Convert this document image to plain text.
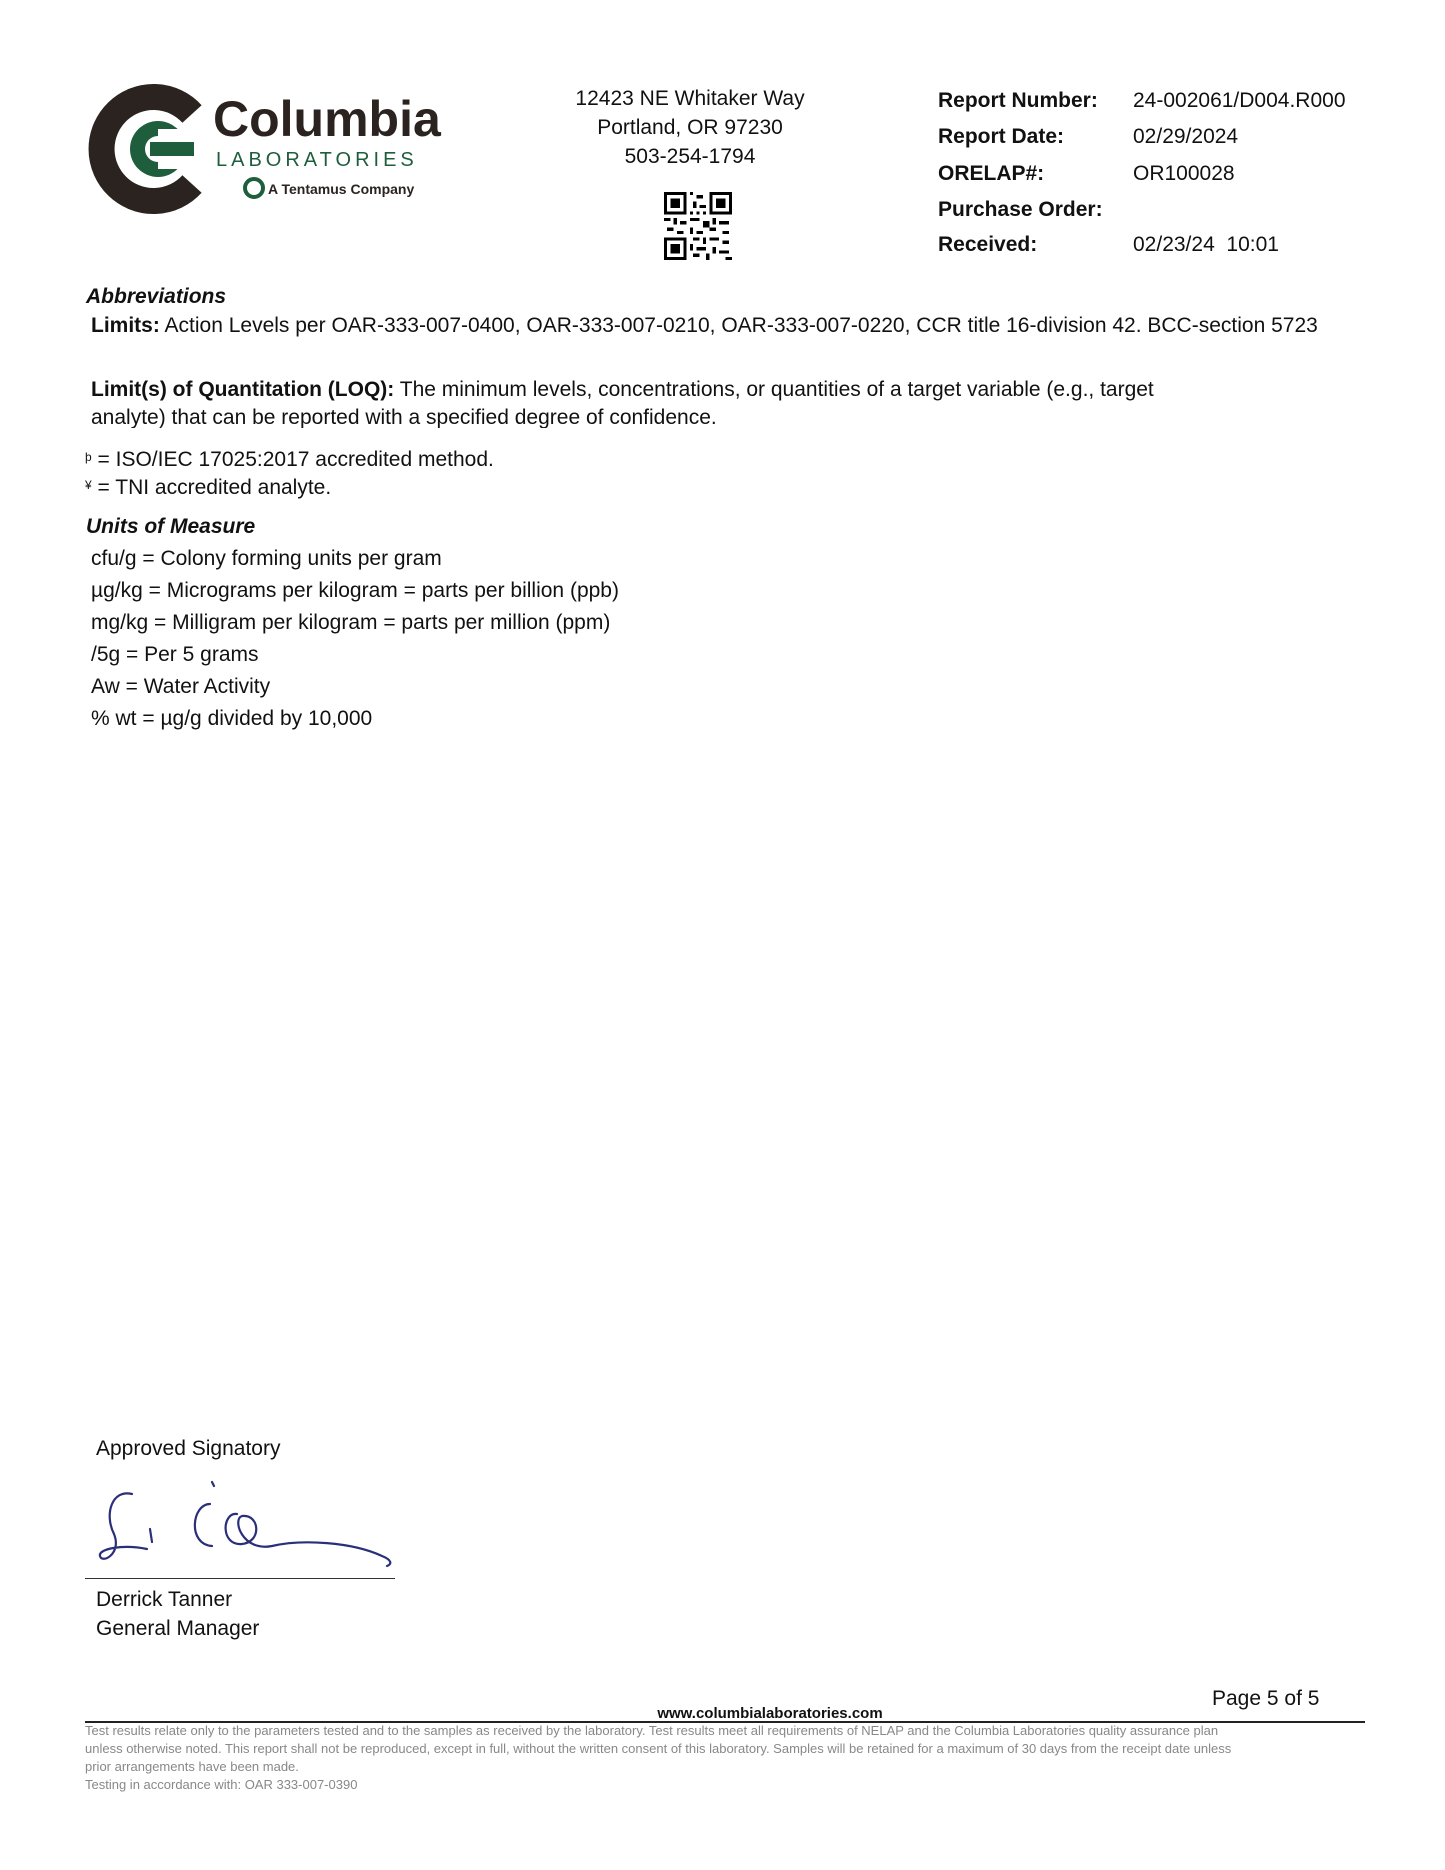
Columbia
LABORATORIES
A Tentamus Company
12423 NE Whitaker Way
Portland, OR 97230
503-254-1794
Report Number: 24-002061/D004.R000
Report Date:	02/29/2024
ORELAP#:	OR100028
Purchase Order:
Received:	02/23/24  10:01
Abbreviations
Limits: Action Levels per OAR-333-007-0400, OAR-333-007-0210, OAR-333-007-0220, CCR title 16-division 42. BCC-section 5723
Limit(s) of Quantitation (LOQ): The minimum levels, concentrations, or quantities of a target variable (e.g., target
analyte) that can be reported with a specified degree of confidence.
$^þ$ = ISO/IEC 17025:2017 accredited method.
¥ = TNI accredited analyte.
Units of Measure
cfu/g = Colony forming units per gram
µg/kg = Micrograms per kilogram = parts per billion (ppb)
mg/kg = Milligram per kilogram = parts per million (ppm)
/5g = Per 5 grams
Aw = Water Activity
% wt = µg/g divided by 10,000
Approved Signatory
Derrick Tanner
General Manager
Page 5 of 5
www.columbialaboratories.com
Test results relate only to the parameters tested and to the samples as received by the laboratory. Test results meet all requirements of NELAP and the Columbia Laboratories quality assurance plan
unless otherwise noted. This report shall not be reproduced, except in full, without the written consent of this laboratory. Samples will be retained for a maximum of 30 days from the receipt date unless
prior arrangements have been made.
Testing in accordance with: OAR 333-007-0390
